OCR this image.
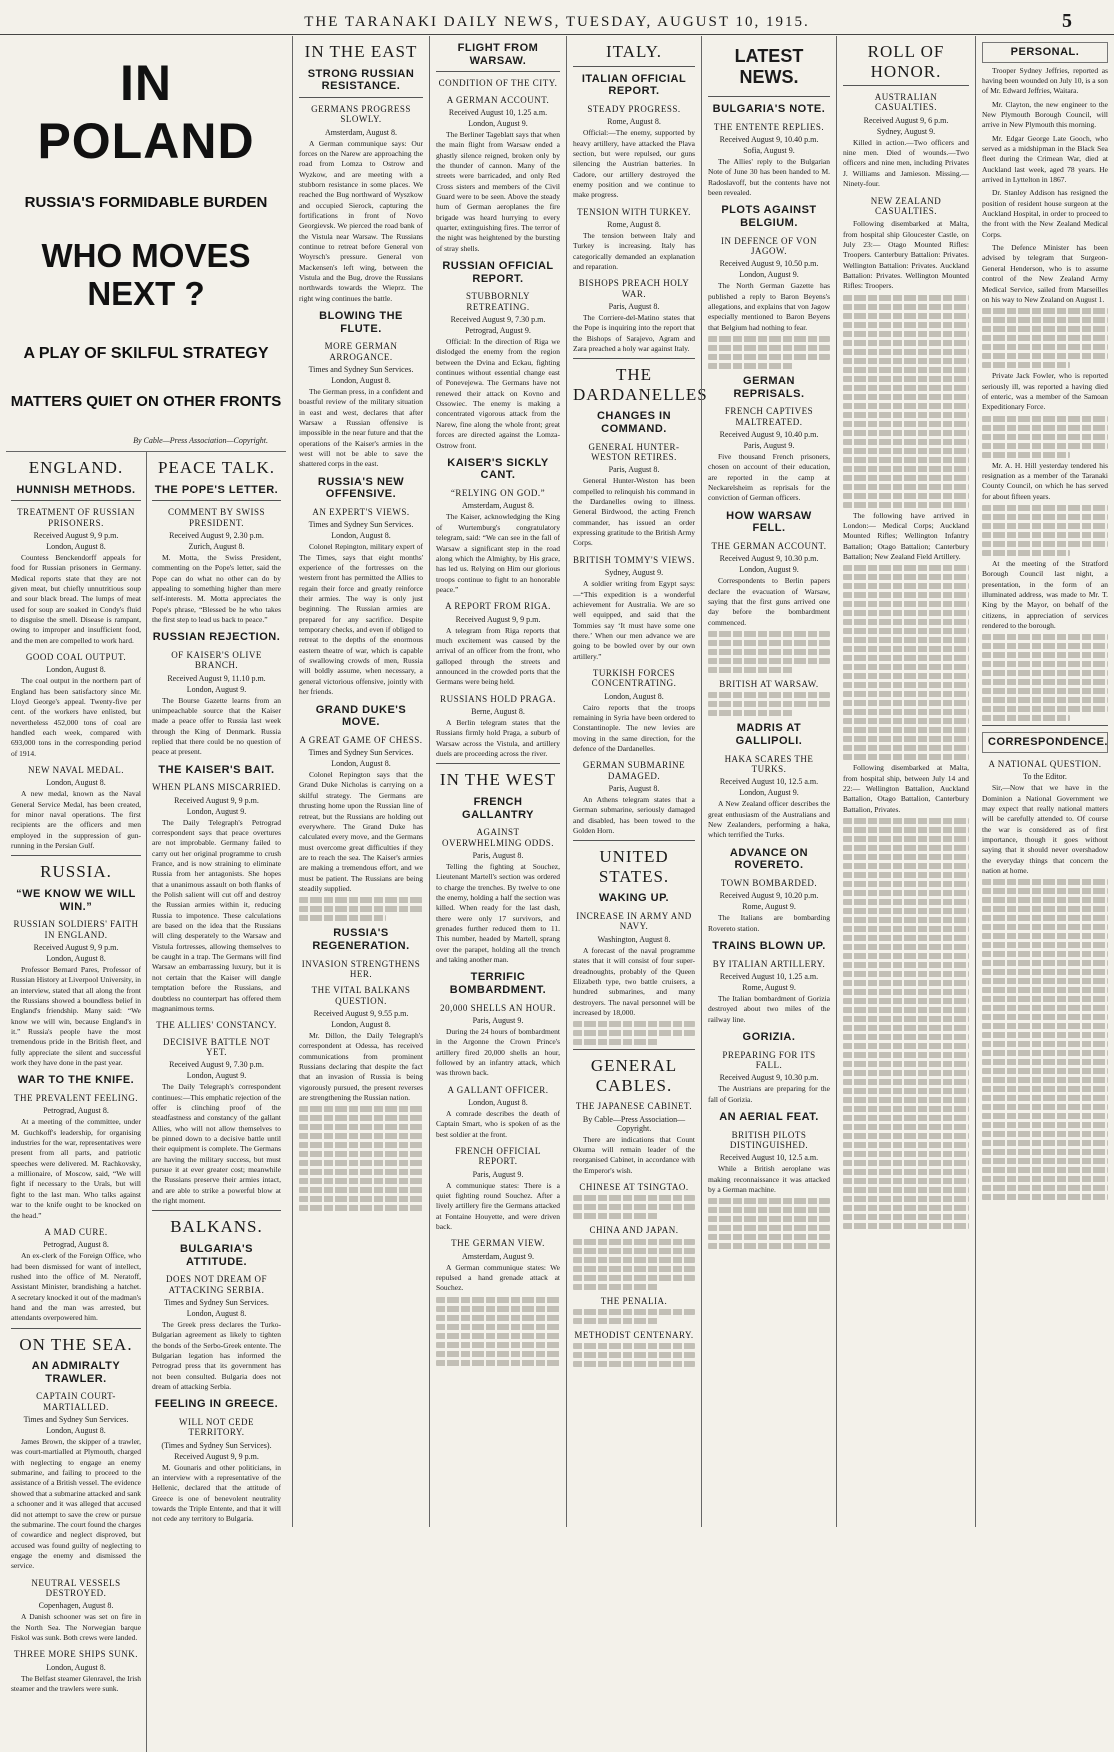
THE TARANAKI DAILY NEWS, TUESDAY, AUGUST 10, 1915.	5
IN POLAND
RUSSIA'S FORMIDABLE BURDEN
WHO MOVES NEXT ?
A PLAY OF SKILFUL STRATEGY
MATTERS QUIET ON OTHER FRONTS
By Cable—Press Association—Copyright.
ENGLAND.
HUNNISH METHODS.
TREATMENT OF RUSSIAN PRISONERS.
Received August 9, 9 p.m.
London, August 8.

Countess Benckendorff appeals for food for Russian prisoners in Germany. Medical reports state that they are not given meat, but chiefly unnutritious soup and sour black bread. The lumps of meat used for soup are soaked in Condy's fluid to disguise the smell. Disease is rampant, owing to improper and insufficient food, and the men are compelled to work hard.

GOOD COAL OUTPUT.
London, August 8.

The coal output in the northern part of England has been satisfactory since Mr. Lloyd George's appeal. Twenty-five per cent. of the workers have enlisted, but nevertheless 452,000 tons of coal are handled each week, compared with 693,000 tons in the corresponding period of 1914.

NEW NAVAL MEDAL.
London, August 8.

A new medal, known as the Naval General Service Medal, has been created, for minor naval operations. The first recipients are the officers and men employed in the suppression of gun-running in the Persian Gulf.

RUSSIA.
“WE KNOW WE WILL WIN.”
RUSSIAN SOLDIERS' FAITH IN ENGLAND.
Received August 9, 9 p.m.
London, August 8.

Professor Bernard Pares, Professor of Russian History at Liverpool University, in an interview, stated that all along the front the Russians showed a boundless belief in England's friendship. Many said: “We know we will win, because England's in it.” Russia's people have the most tremendous pride in the British fleet, and fully appreciate the silent and successful work they have done in the past year.

WAR TO THE KNIFE.
THE PREVALENT FEELING.
Petrograd, August 8.

At a meeting of the committee, under M. Guchkoff's leadership, for organising industries for the war, representatives were present from all parts, and patriotic speeches were delivered. M. Rachkovsky, a millionaire, of Moscow, said, “We will fight if necessary to the Urals, but will fight to the last man. Who talks against war to the knife ought to be knocked on the head.”

A MAD CURE.
Petrograd, August 8.

An ex-clerk of the Foreign Office, who had been dismissed for want of intellect, rushed into the office of M. Neratoff, Assistant Minister, brandishing a hatchet. A secretary knocked it out of the madman's hand and the man was arrested, but attendants overpowered him.

ON THE SEA.
AN ADMIRALTY TRAWLER.
CAPTAIN COURT-MARTIALLED.
Times and Sydney Sun Services.
London, August 8.

James Brown, the skipper of a trawler, was court-martialled at Plymouth, charged with neglecting to engage an enemy submarine, and failing to proceed to the assistance of a British vessel. The evidence showed that a submarine attacked and sank a schooner and it was alleged that accused did not attempt to save the crew or pursue the submarine. The court found the charges of cowardice and neglect disproved, but accused was found guilty of neglecting to engage the enemy and dismissed the service.

NEUTRAL VESSELS DESTROYED.
Copenhagen, August 8.

A Danish schooner was set on fire in the North Sea. The Norwegian barque Fiskol was sunk. Both crews were landed.

THREE MORE SHIPS SUNK.
London, August 8.

The Belfast steamer Glenravel, the Irish steamer and the trawlers were sunk.

PEACE TALK.
THE POPE'S LETTER.
COMMENT BY SWISS PRESIDENT.
Received August 9, 2.30 p.m.
Zurich, August 8.

M. Motta, the Swiss President, commenting on the Pope's letter, said the Pope can do what no other can do by appealing to something higher than mere self-interests. M. Motta appreciates the Pope's phrase, “Blessed be he who takes the first step to lead us back to peace.”

RUSSIAN REJECTION.
OF KAISER'S OLIVE BRANCH.
Received August 9, 11.10 p.m.
London, August 9.

The Bourse Gazette learns from an unimpeachable source that the Kaiser made a peace offer to Russia last week through the King of Denmark. Russia replied that there could be no question of peace at present.

THE KAISER'S BAIT.
WHEN PLANS MISCARRIED.
Received August 9, 9 p.m.
London, August 9.

The Daily Telegraph's Petrograd correspondent says that peace overtures are not improbable. Germany failed to carry out her original programme to crush France, and is now straining to eliminate Russia from her antagonists. She hopes that a unanimous assault on both flanks of the Polish salient will cut off and destroy the Russian armies within it, reducing Russia to impotence. These calculations are based on the idea that the Russians will cling desperately to the Warsaw and Vistula fortresses, allowing themselves to be caught in a trap. The Germans will find Warsaw an embarrassing luxury, but it is not certain that the Kaiser will dangle temptation before the Russians, and doubtless no counterpart has offered them magnanimous terms.

THE ALLIES' CONSTANCY.
DECISIVE BATTLE NOT YET.
Received August 9, 7.30 p.m.
London, August 9.

The Daily Telegraph's correspondent continues:—This emphatic rejection of the offer is clinching proof of the steadfastness and constancy of the gallant Allies, who will not allow themselves to be pinned down to a decisive battle until their equipment is complete. The Germans are having the military success, but must pursue it at ever greater cost; meanwhile the Russians preserve their armies intact, and are able to strike a powerful blow at the right moment.

BALKANS.
BULGARIA'S ATTITUDE.
DOES NOT DREAM OF ATTACKING SERBIA.
Times and Sydney Sun Services.
London, August 8.

The Greek press declares the Turko-Bulgarian agreement as likely to tighten the bonds of the Serbo-Greek entente. The Bulgarian legation has informed the Petrograd press that its government has not been consulted. Bulgaria does not dream of attacking Serbia.

FEELING IN GREECE.
WILL NOT CEDE TERRITORY.
(Times and Sydney Sun Services).
Received August 9, 9 p.m.

M. Gounaris and other politicians, in an interview with a representative of the Hellenic, declared that the attitude of Greece is one of benevolent neutrality towards the Triple Entente, and that it will not cede any territory to Bulgaria.

IN THE EAST
STRONG RUSSIAN RESISTANCE.
GERMANS PROGRESS SLOWLY.
Amsterdam, August 8.

A German communique says: Our forces on the Narew are approaching the road from Lomza to Ostrow and Wyzkow, and are meeting with a stubborn resistance in some places. We reached the Bug northward of Wyszkow and occupied Sierock, capturing the fortifications in front of Novo Georgievsk. We pierced the road bank of the Vistula near Warsaw. The Russians continue to retreat before General von Woyrsch's pressure. General von Mackensen's left wing, between the Vistula and the Bug, drove the Russians northwards towards the Wieprz. The right wing continues the battle.

BLOWING THE FLUTE.
MORE GERMAN ARROGANCE.
Times and Sydney Sun Services.
London, August 8.

The German press, in a confident and boastful review of the military situation in east and west, declares that after Warsaw a Russian offensive is impossible in the near future and that the operations of the Kaiser's armies in the west will not be able to save the shattered corps in the east.

RUSSIA'S NEW OFFENSIVE.
AN EXPERT'S VIEWS.
Times and Sydney Sun Services.
London, August 8.

Colonel Repington, military expert of The Times, says that eight months' experience of the fortresses on the western front has permitted the Allies to regain their force and greatly reinforce their armies. The way is only just beginning. The Russian armies are prepared for any sacrifice. Despite temporary checks, and even if obliged to retreat to the depths of the enormous eastern theatre of war, which is capable of swallowing crowds of men, Russia will boldly assume, when necessary, a general victorious offensive, jointly with her friends.

GRAND DUKE'S MOVE.
A GREAT GAME OF CHESS.
Times and Sydney Sun Services.
London, August 8.

Colonel Repington says that the Grand Duke Nicholas is carrying on a skilful strategy. The Germans are thrusting home upon the Russian line of retreat, but the Russians are holding out everywhere. The Grand Duke has calculated every move, and the Germans must overcome great difficulties if they are to reach the sea. The Kaiser's armies are making a tremendous effort, and we must be patient. The Russians are being steadily supplied.

RUSSIA'S REGENERATION.
INVASION STRENGTHENS HER.
THE VITAL BALKANS QUESTION.
Received August 9, 9.55 p.m.
London, August 8.

Mr. Dillon, the Daily Telegraph's correspondent at Odessa, has received communications from prominent Russians declaring that despite the fact that an invasion of Russia is being vigorously pursued, the present reverses are strengthening the Russian nation.

FLIGHT FROM WARSAW.
CONDITION OF THE CITY.
A GERMAN ACCOUNT.
Received August 10, 1.25 a.m.
London, August 9.

The Berliner Tageblatt says that when the main flight from Warsaw ended a ghastly silence reigned, broken only by the thunder of cannon. Many of the streets were barricaded, and only Red Cross sisters and members of the Civil Guard were to be seen. Above the steady hum of German aeroplanes the fire brigade was heard hurrying to every quarter, extinguishing fires. The terror of the night was heightened by the bursting of stray shells.

RUSSIAN OFFICIAL REPORT.
STUBBORNLY RETREATING.
Received August 9, 7.30 p.m.
Petrograd, August 9.

Official: In the direction of Riga we dislodged the enemy from the region between the Dvina and Eckau, fighting continues without essential change east of Ponevejewa. The Germans have not renewed their attack on Kovno and Ossowiec. The enemy is making a concentrated vigorous attack from the Narew, fine along the whole front; great forces are directed against the Lomza-Ostrow front.

KAISER'S SICKLY CANT.
“RELYING ON GOD.”
Amsterdam, August 8.

The Kaiser, acknowledging the King of Wurtemburg's congratulatory telegram, said: “We can see in the fall of Warsaw a significant step in the road along which the Almighty, by His grace, has led us. Relying on Him our glorious troops continue to fight to an honorable peace.”

A REPORT FROM RIGA.
Received August 9, 9 p.m.

A telegram from Riga reports that much excitement was caused by the arrival of an officer from the front, who galloped through the streets and announced in the crowded ports that the Germans were being held.

RUSSIANS HOLD PRAGA.
Berne, August 8.

A Berlin telegram states that the Russians firmly hold Praga, a suburb of Warsaw across the Vistula, and artillery duels are proceeding across the river.

IN THE WEST
FRENCH GALLANTRY
AGAINST OVERWHELMING ODDS.
Paris, August 8.

Telling the fighting at Souchez, Lieutenant Martell's section was ordered to charge the trenches. By twelve to one the enemy, holding a half the section was killed. When ready for the last dash, there were only 17 survivors, and grenades further reduced them to 11. This number, headed by Martell, sprang over the parapet, holding all the trench and taking another man.

TERRIFIC BOMBARDMENT.
20,000 SHELLS AN HOUR.
Paris, August 9.

During the 24 hours of bombardment in the Argonne the Crown Prince's artillery fired 20,000 shells an hour, followed by an infantry attack, which was thrown back.

A GALLANT OFFICER.
London, August 8.

A comrade describes the death of Captain Smart, who is spoken of as the best soldier at the front.

FRENCH OFFICIAL REPORT.
Paris, August 9.

A communique states: There is a quiet fighting round Souchez. After a lively artillery fire the Germans attacked at Fontaine Houyette, and were driven back.

THE GERMAN VIEW.
Amsterdam, August 9.

A German communique states: We repulsed a hand grenade attack at Souchez.

ITALY.
ITALIAN OFFICIAL REPORT.
STEADY PROGRESS.
Rome, August 8.

Official:—The enemy, supported by heavy artillery, have attacked the Plava section, but were repulsed, our guns silencing the Austrian batteries. In Cadore, our artillery destroyed the enemy position and we continue to make progress.

TENSION WITH TURKEY.
Rome, August 8.

The tension between Italy and Turkey is increasing. Italy has categorically demanded an explanation and reparation.

BISHOPS PREACH HOLY WAR.
Paris, August 8.

The Corriere-del-Matino states that the Pope is inquiring into the report that the Bishops of Sarajevo, Agram and Zara preached a holy war against Italy.

THE DARDANELLES
CHANGES IN COMMAND.
GENERAL HUNTER-WESTON RETIRES.
Paris, August 8.

General Hunter-Weston has been compelled to relinquish his command in the Dardanelles owing to illness. General Birdwood, the acting French commander, has issued an order expressing gratitude to the British Army Corps.

BRITISH TOMMY'S VIEWS.
Sydney, August 9.

A soldier writing from Egypt says:—“This expedition is a wonderful achievement for Australia. We are so well equipped, and said that the Tommies say ‘It must have some one there.’ When our men advance we are going to be bowled over by our own artillery.”

TURKISH FORCES CONCENTRATING.
London, August 8.

Cairo reports that the troops remaining in Syria have been ordered to Constantinople. The new levies are moving in the same direction, for the defence of the Dardanelles.

GERMAN SUBMARINE DAMAGED.
Paris, August 8.

An Athens telegram states that a German submarine, seriously damaged and disabled, has been towed to the Golden Horn.

UNITED STATES.
WAKING UP.
INCREASE IN ARMY AND NAVY.
Washington, August 8.

A forecast of the naval programme states that it will consist of four super-dreadnoughts, probably of the Queen Elizabeth type, two battle cruisers, a hundred submarines, and many destroyers. The naval personnel will be increased by 18,000.

GENERAL CABLES.
THE JAPANESE CABINET.
By Cable—Press Association—Copyright.

There are indications that Count Okuma will remain leader of the reorganised Cabinet, in accordance with the Emperor's wish.

CHINESE AT TSINGTAO.
CHINA AND JAPAN.
THE PENALIA.
METHODIST CENTENARY.
LATEST NEWS.
BULGARIA'S NOTE.
THE ENTENTE REPLIES.
Received August 9, 10.40 p.m.
Sofia, August 9.

The Allies' reply to the Bulgarian Note of June 30 has been handed to M. Radoslavoff, but the contents have not been revealed.

PLOTS AGAINST BELGIUM.
IN DEFENCE OF VON JAGOW.
Received August 9, 10.50 p.m.
London, August 9.

The North German Gazette has published a reply to Baron Beyens's allegations, and explains that von Jagow especially mentioned to Baron Beyens that Belgium had nothing to fear.

GERMAN REPRISALS.
FRENCH CAPTIVES MALTREATED.
Received August 9, 10.40 p.m.
Paris, August 9.

Five thousand French prisoners, chosen on account of their education, are reported in the camp at Neckarelsheim as reprisals for the conviction of German officers.

HOW WARSAW FELL.
THE GERMAN ACCOUNT.
Received August 9, 10.30 p.m.
London, August 9.

Correspondents to Berlin papers declare the evacuation of Warsaw, saying that the first guns arrived one day before the bombardment commenced.

BRITISH AT WARSAW.
MADRIS AT GALLIPOLI.
HAKA SCARES THE TURKS.
Received August 10, 12.5 a.m.
London, August 9.

A New Zealand officer describes the great enthusiasm of the Australians and New Zealanders, performing a haka, which terrified the Turks.

ADVANCE ON ROVERETO.
TOWN BOMBARDED.
Received August 9, 10.20 p.m.
Rome, August 9.

The Italians are bombarding Rovereto station.

TRAINS BLOWN UP.
BY ITALIAN ARTILLERY.
Received August 10, 1.25 a.m.
Rome, August 9.

The Italian bombardment of Gorizia destroyed about two miles of the railway line.

GORIZIA.
PREPARING FOR ITS FALL.
Received August 9, 10.30 p.m.

The Austrians are preparing for the fall of Gorizia.

AN AERIAL FEAT.
BRITISH PILOTS DISTINGUISHED.
Received August 10, 12.5 a.m.

While a British aeroplane was making reconnaissance it was attacked by a German machine.

ROLL OF HONOR.
AUSTRALIAN CASUALTIES.
Received August 9, 6 p.m.
Sydney, August 9.

Killed in action.—Two officers and nine men. Died of wounds.—Two officers and nine men, including Privates J. Williams and Jamieson. Missing.—Ninety-four.

NEW ZEALAND CASUALTIES.

Following disembarked at Malta, from hospital ship Gloucester Castle, on July 23:— Otago Mounted Rifles: Troopers. Canterbury Battalion: Privates. Wellington Battalion: Privates. Auckland Battalion: Privates. Wellington Mounted Rifles: Troopers.

The following have arrived in London:— Medical Corps; Auckland Mounted Rifles; Wellington Infantry Battalion; Otago Battalion; Canterbury Battalion; New Zealand Field Artillery.

Following disembarked at Malta, from hospital ship, between July 14 and 22:— Wellington Battalion, Auckland Battalion, Otago Battalion, Canterbury Battalion, Privates.

PERSONAL.

Trooper Sydney Jeffries, reported as having been wounded on July 10, is a son of Mr. Edward Jeffries, Waitara.

Mr. Clayton, the new engineer to the New Plymouth Borough Council, will arrive in New Plymouth this morning.

Mr. Edgar George Late Gooch, who served as a midshipman in the Black Sea fleet during the Crimean War, died at Auckland last week, aged 78 years. He arrived in Lyttelton in 1867.

Dr. Stanley Addison has resigned the position of resident house surgeon at the Auckland Hospital, in order to proceed to the front with the New Zealand Medical Corps.

The Defence Minister has been advised by telegram that Surgeon-General Henderson, who is to assume control of the New Zealand Army Medical Service, sailed from Marseilles on his way to New Zealand on August 1.

Private Jack Fowler, who is reported seriously ill, was reported a having died of enteric, was a member of the Samoan Expeditionary Force.

Mr. A. H. Hill yesterday tendered his resignation as a member of the Taranaki County Council, on which he has served for about fifteen years.

At the meeting of the Stratford Borough Council last night, a presentation, in the form of an illuminated address, was made to Mr. T. King by the Mayor, on behalf of the citizens, in appreciation of services rendered to the borough.

CORRESPONDENCE.
A NATIONAL QUESTION.
To the Editor.

Sir,—Now that we have in the Dominion a National Government we may expect that really national matters will be carefully attended to. Of course the war is considered as of first importance, though it goes without saying that it should never overshadow the everyday things that concern the nation at home.
